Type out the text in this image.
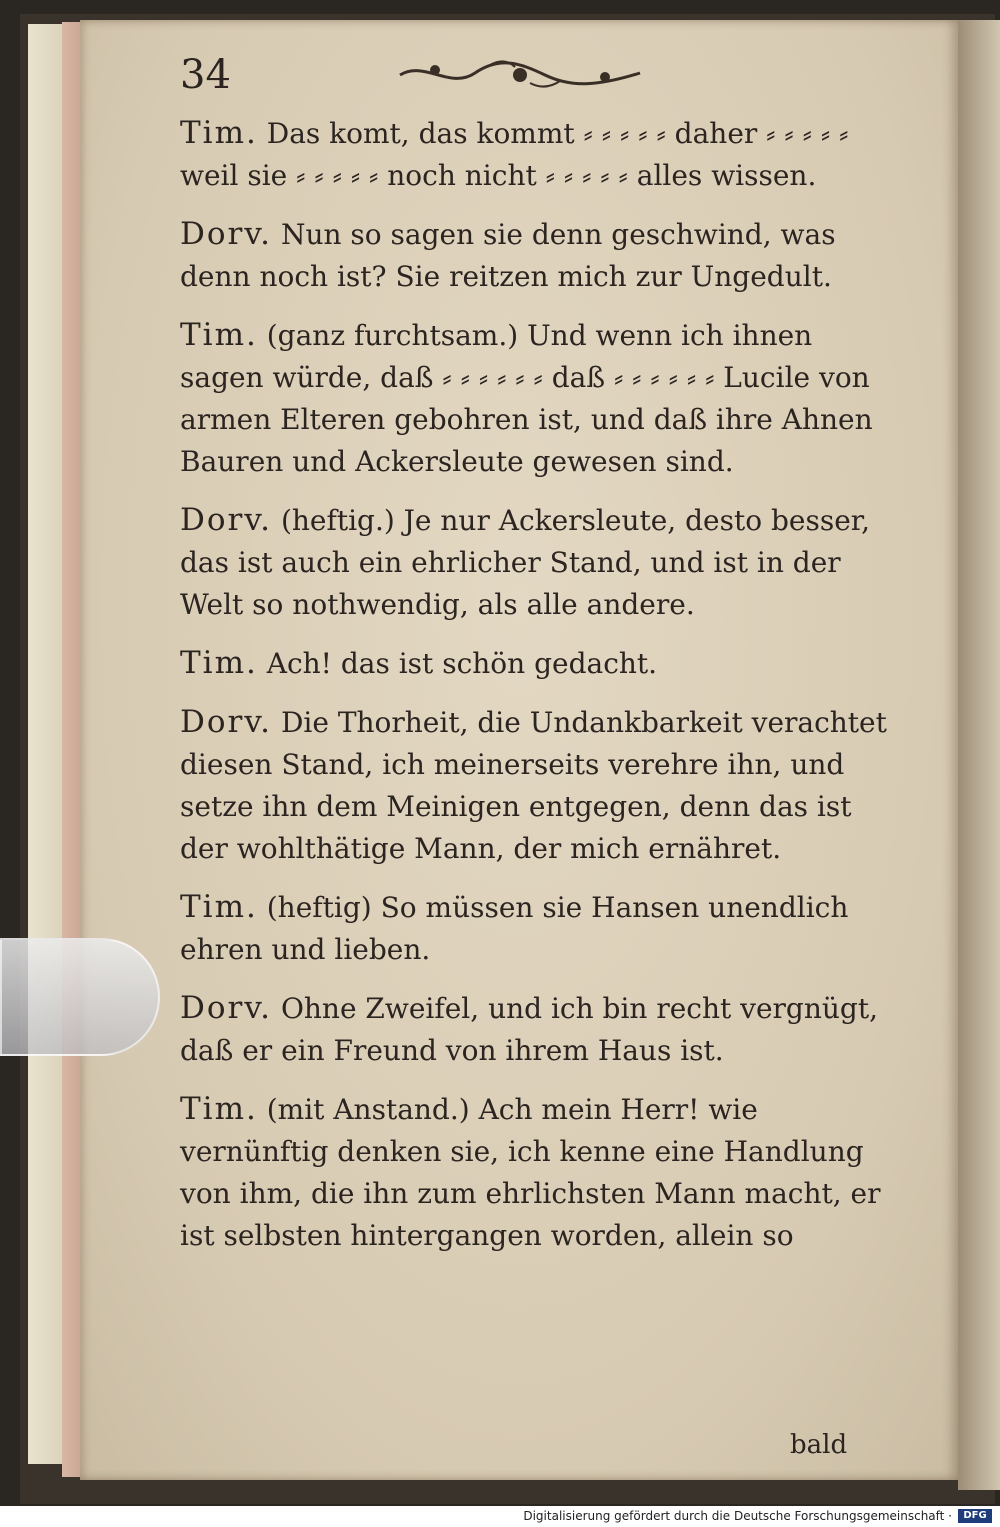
34

Tim. Das komt, das kommt ⸗ ⸗ ⸗ ⸗ ⸗ daher ⸗ ⸗ ⸗ ⸗ ⸗ weil sie ⸗ ⸗ ⸗ ⸗ ⸗ noch nicht ⸗ ⸗ ⸗ ⸗ ⸗ alles wissen.

Dorv. Nun so sagen sie denn geschwind, was denn noch ist? Sie reitzen mich zur Ungedult.

Tim. (ganz furchtsam.) Und wenn ich ihnen sagen würde, daß ⸗ ⸗ ⸗ ⸗ ⸗ ⸗ daß ⸗ ⸗ ⸗ ⸗ ⸗ ⸗ Lucile von armen Elteren gebohren ist, und daß ihre Ahnen Bauren und Ackersleute gewesen sind.

Dorv. (heftig.) Je nur Ackersleute, desto besser, das ist auch ein ehrlicher Stand, und ist in der Welt so nothwendig, als alle andere.

Tim. Ach! das ist schön gedacht.

Dorv. Die Thorheit, die Undankbarkeit verachtet diesen Stand, ich meinerseits verehre ihn, und setze ihn dem Meinigen entgegen, denn das ist der wohlthätige Mann, der mich ernähret.

Tim. (heftig) So müssen sie Hansen unendlich ehren und lieben.

Dorv. Ohne Zweifel, und ich bin recht vergnügt, daß er ein Freund von ihrem Haus ist.

Tim. (mit Anstand.) Ach mein Herr! wie vernünftig denken sie, ich kenne eine Handlung von ihm, die ihn zum ehrlichsten Mann macht, er ist selbsten hintergangen worden, allein so

bald
Digitalisierung gefördert durch die Deutsche Forschungsgemeinschaft ·	DFG
